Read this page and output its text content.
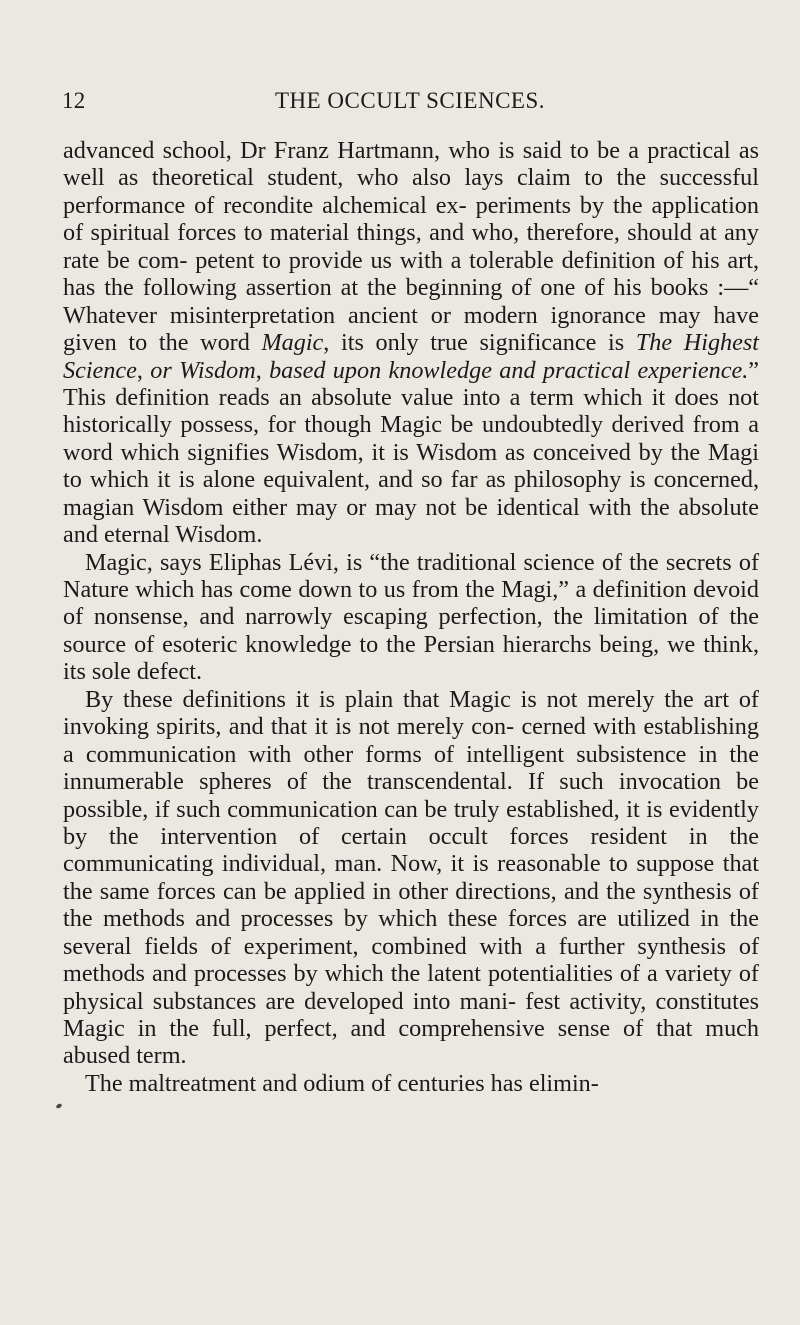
12	THE OCCULT SCIENCES.

advanced school, Dr Franz Hartmann, who is said to be a practical as well as theoretical student, who also lays claim to the successful performance of recondite alchemical ex- periments by the application of spiritual forces to material things, and who, therefore, should at any rate be com- petent to provide us with a tolerable definition of his art, has the following assertion at the beginning of one of his books :—“ Whatever misinterpretation ancient or modern ignorance may have given to the word Magic, its only true significance is The Highest Science, or Wisdom, based upon knowledge and practical experience.” This definition reads an absolute value into a term which it does not historically possess, for though Magic be undoubtedly derived from a word which signifies Wisdom, it is Wisdom as conceived by the Magi to which it is alone equivalent, and so far as philosophy is concerned, magian Wisdom either may or may not be identical with the absolute and eternal Wisdom.

Magic, says Eliphas Lévi, is “the traditional science of the secrets of Nature which has come down to us from the Magi,” a definition devoid of nonsense, and narrowly escaping perfection, the limitation of the source of esoteric knowledge to the Persian hierarchs being, we think, its sole defect.

By these definitions it is plain that Magic is not merely the art of invoking spirits, and that it is not merely con- cerned with establishing a communication with other forms of intelligent subsistence in the innumerable spheres of the transcendental. If such invocation be possible, if such communication can be truly established, it is evidently by the intervention of certain occult forces resident in the communicating individual, man. Now, it is reasonable to suppose that the same forces can be applied in other directions, and the synthesis of the methods and processes by which these forces are utilized in the several fields of experiment, combined with a further synthesis of methods and processes by which the latent potentialities of a variety of physical substances are developed into mani- fest activity, constitutes Magic in the full, perfect, and comprehensive sense of that much abused term.

The maltreatment and odium of centuries has elimin-
